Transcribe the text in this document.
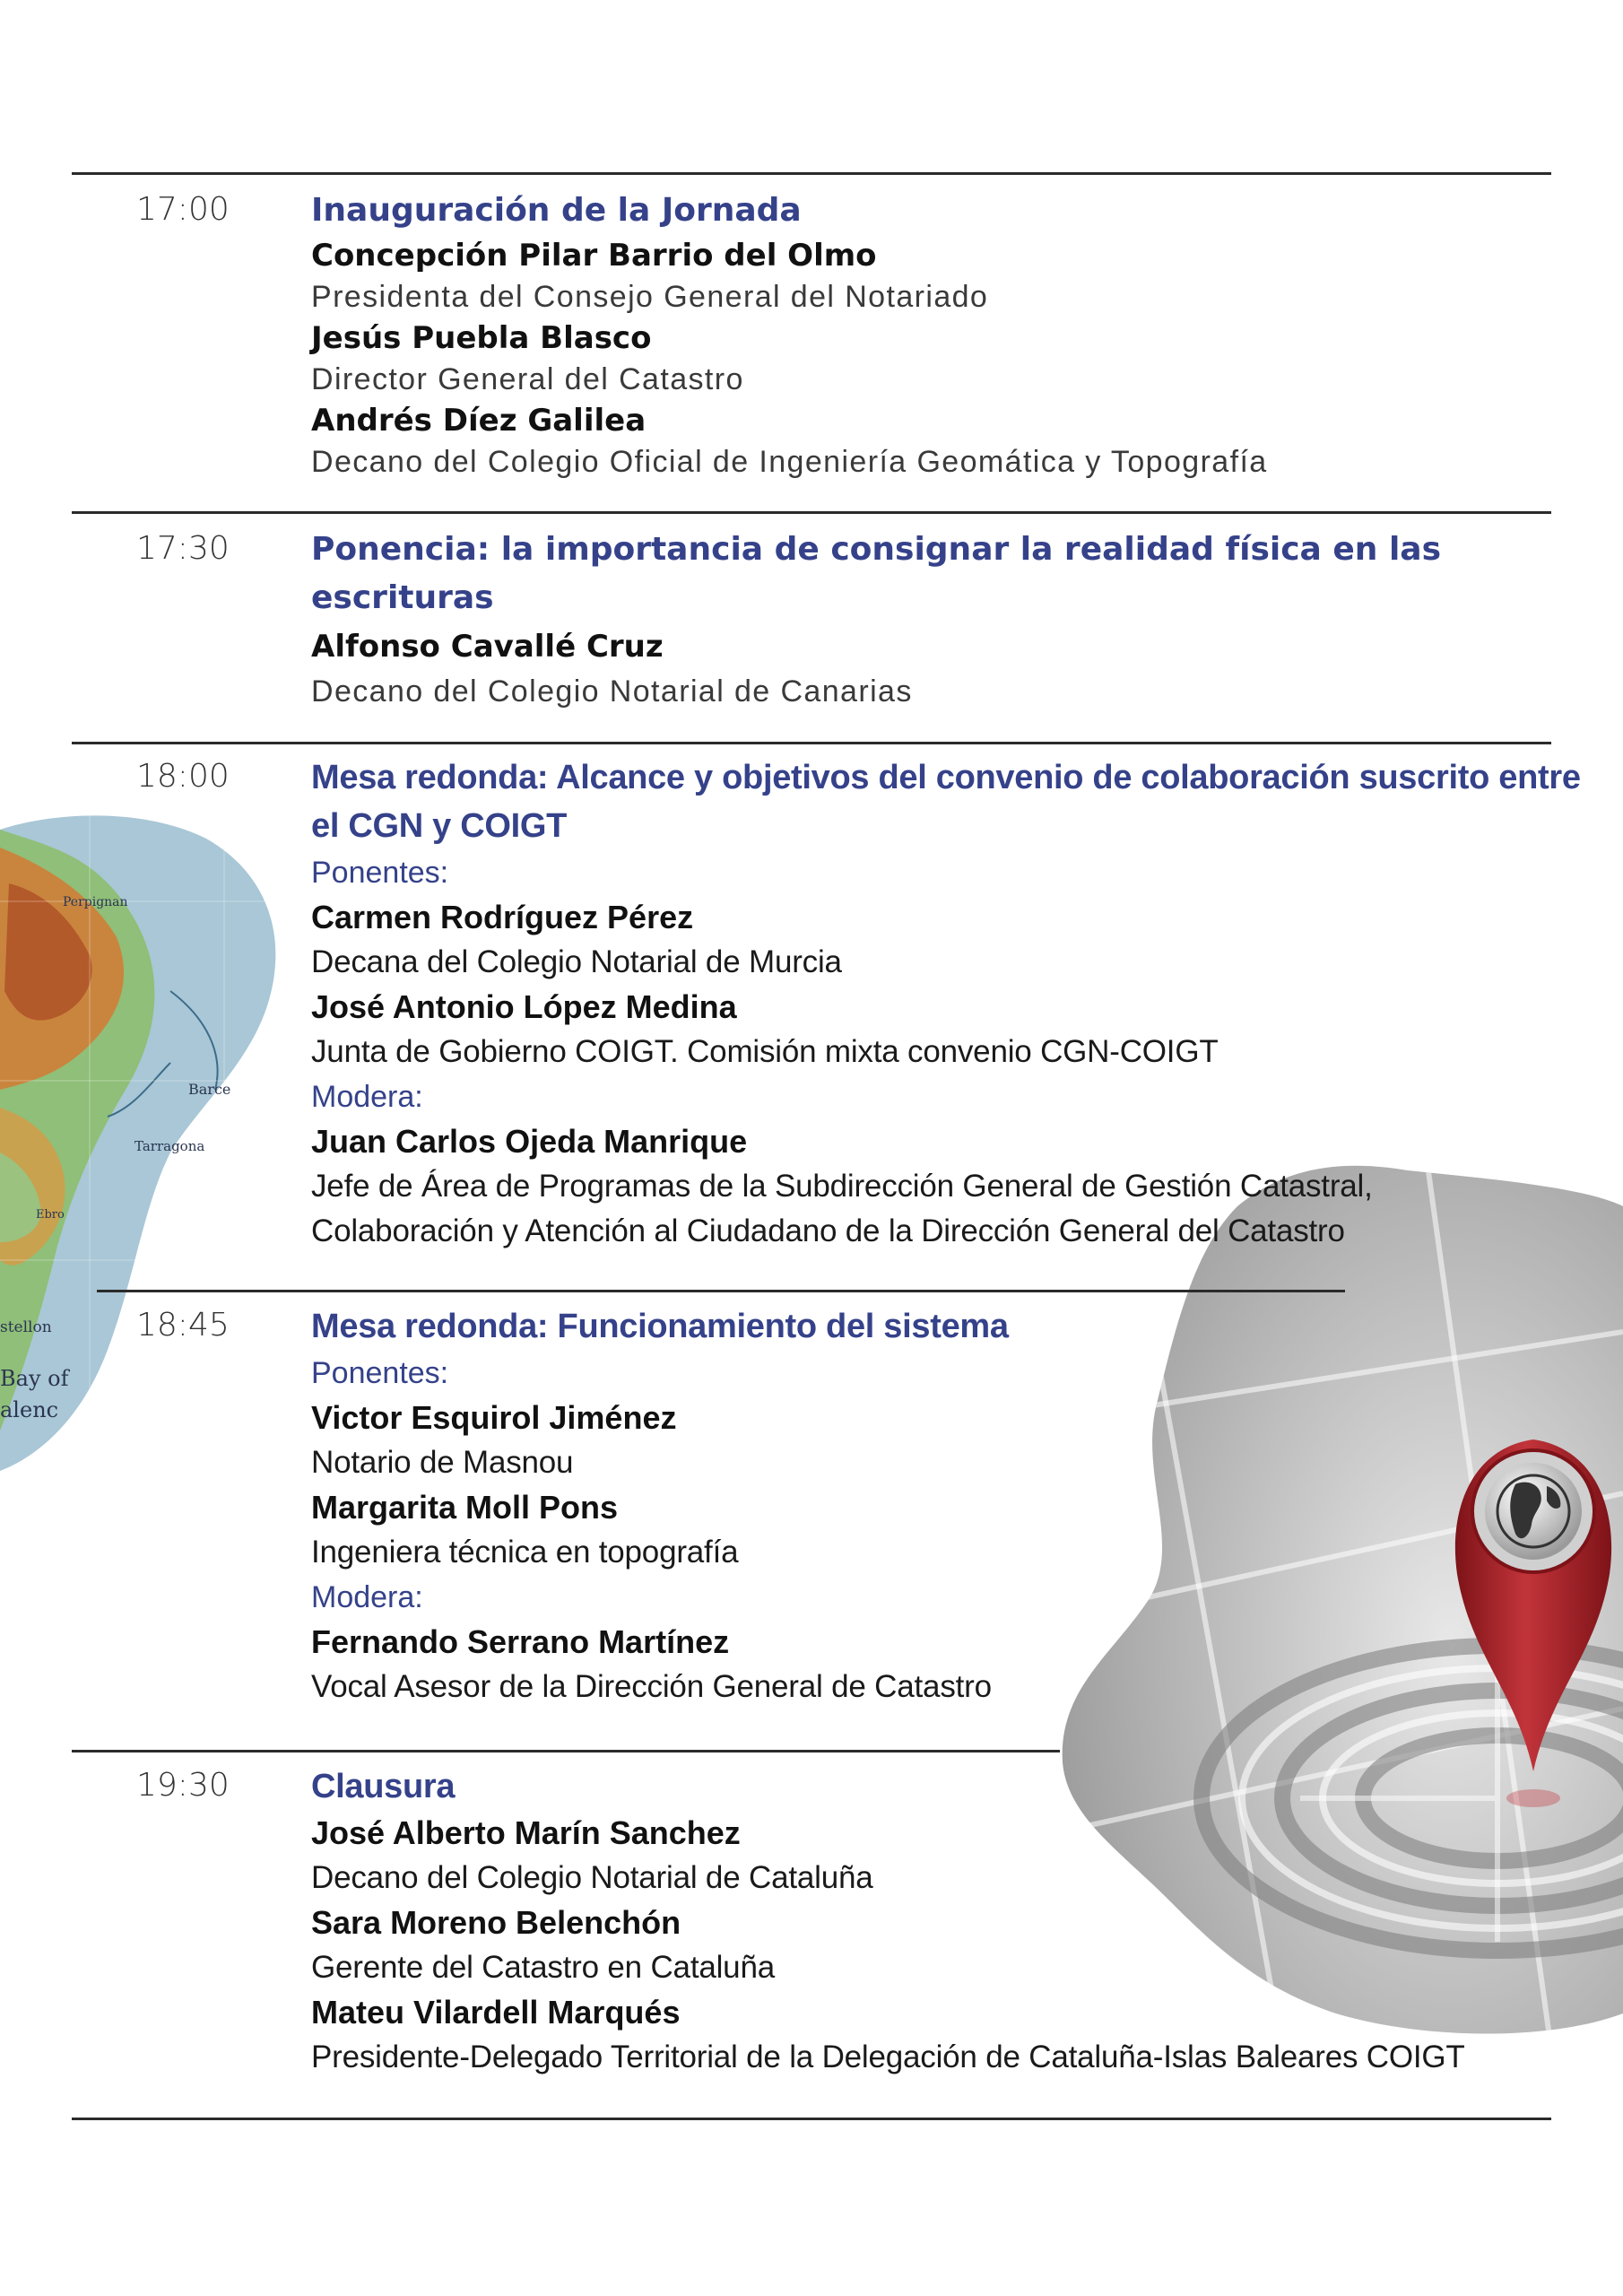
Perpignan
Barce
Tarragona
Ebro
stellon
Bay of
alenc
17:00	Inauguración de la Jornada
Concepción Pilar Barrio del Olmo
Presidenta del Consejo General del Notariado
Jesús Puebla Blasco
Director General del Catastro
Andrés Díez Galilea
Decano del Colegio Oficial de Ingeniería Geomática y Topografía
17:30	Ponencia: la importancia de consignar la realidad física en las escrituras
Alfonso Cavallé Cruz
Decano del Colegio Notarial de Canarias
18:00	Mesa redonda: Alcance y objetivos del convenio de colaboración suscrito entre el CGN y COIGT
Ponentes:
Carmen Rodríguez Pérez
Decana del Colegio Notarial de Murcia
José Antonio López Medina
Junta de Gobierno COIGT. Comisión mixta convenio CGN-COIGT
Modera:
Juan Carlos Ojeda Manrique
Jefe de Área de Programas de la Subdirección General de Gestión Catastral, Colaboración y Atención al Ciudadano de la Dirección General del Catastro
18:45	Mesa redonda: Funcionamiento del sistema
Ponentes:
Victor Esquirol Jiménez
Notario de Masnou
Margarita Moll Pons
Ingeniera técnica en topografía
Modera:
Fernando Serrano Martínez
Vocal Asesor de la Dirección General de Catastro
19:30	Clausura
José Alberto Marín Sanchez
Decano del Colegio Notarial de Cataluña
Sara Moreno Belenchón
Gerente del Catastro en Cataluña
Mateu Vilardell Marqués
Presidente-Delegado Territorial de la Delegación de Cataluña-Islas Baleares COIGT
